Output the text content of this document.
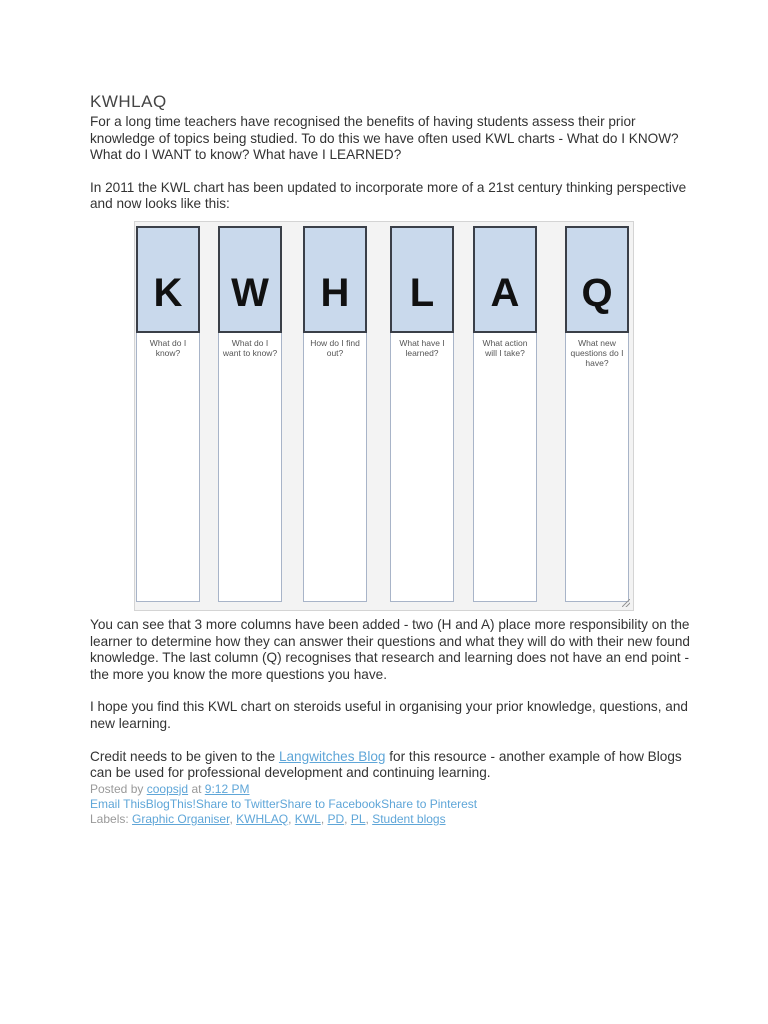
KWHLAQ

For a long time teachers have recognised the benefits of having students assess their prior knowledge of topics being studied. To do this we have often used KWL charts - What do I KNOW? What do I WANT to know? What have I LEARNED?

In 2011 the KWL chart has been updated to incorporate more of a 21st century thinking perspective and now looks like this:

K
What do I know?
W
What do I want to know?
H
How do I find out?
L
What have I learned?
A
What action will I take?
Q
What new questions do I have?

You can see that 3 more columns have been added - two (H and A) place more responsibility on the learner to determine how they can answer their questions and what they will do with their new found knowledge. The last column (Q) recognises that research and learning does not have an end point - the more you know the more questions you have.

I hope you find this KWL chart on steroids useful in organising your prior knowledge, questions, and new learning.

Credit needs to be given to the Langwitches Blog for this resource - another example of how Blogs can be used for professional development and continuing learning.

Posted by coopsjd at 9:12 PM
Email ThisBlogThis!Share to TwitterShare to FacebookShare to Pinterest
Labels: Graphic Organiser, KWHLAQ, KWL, PD, PL, Student blogs
